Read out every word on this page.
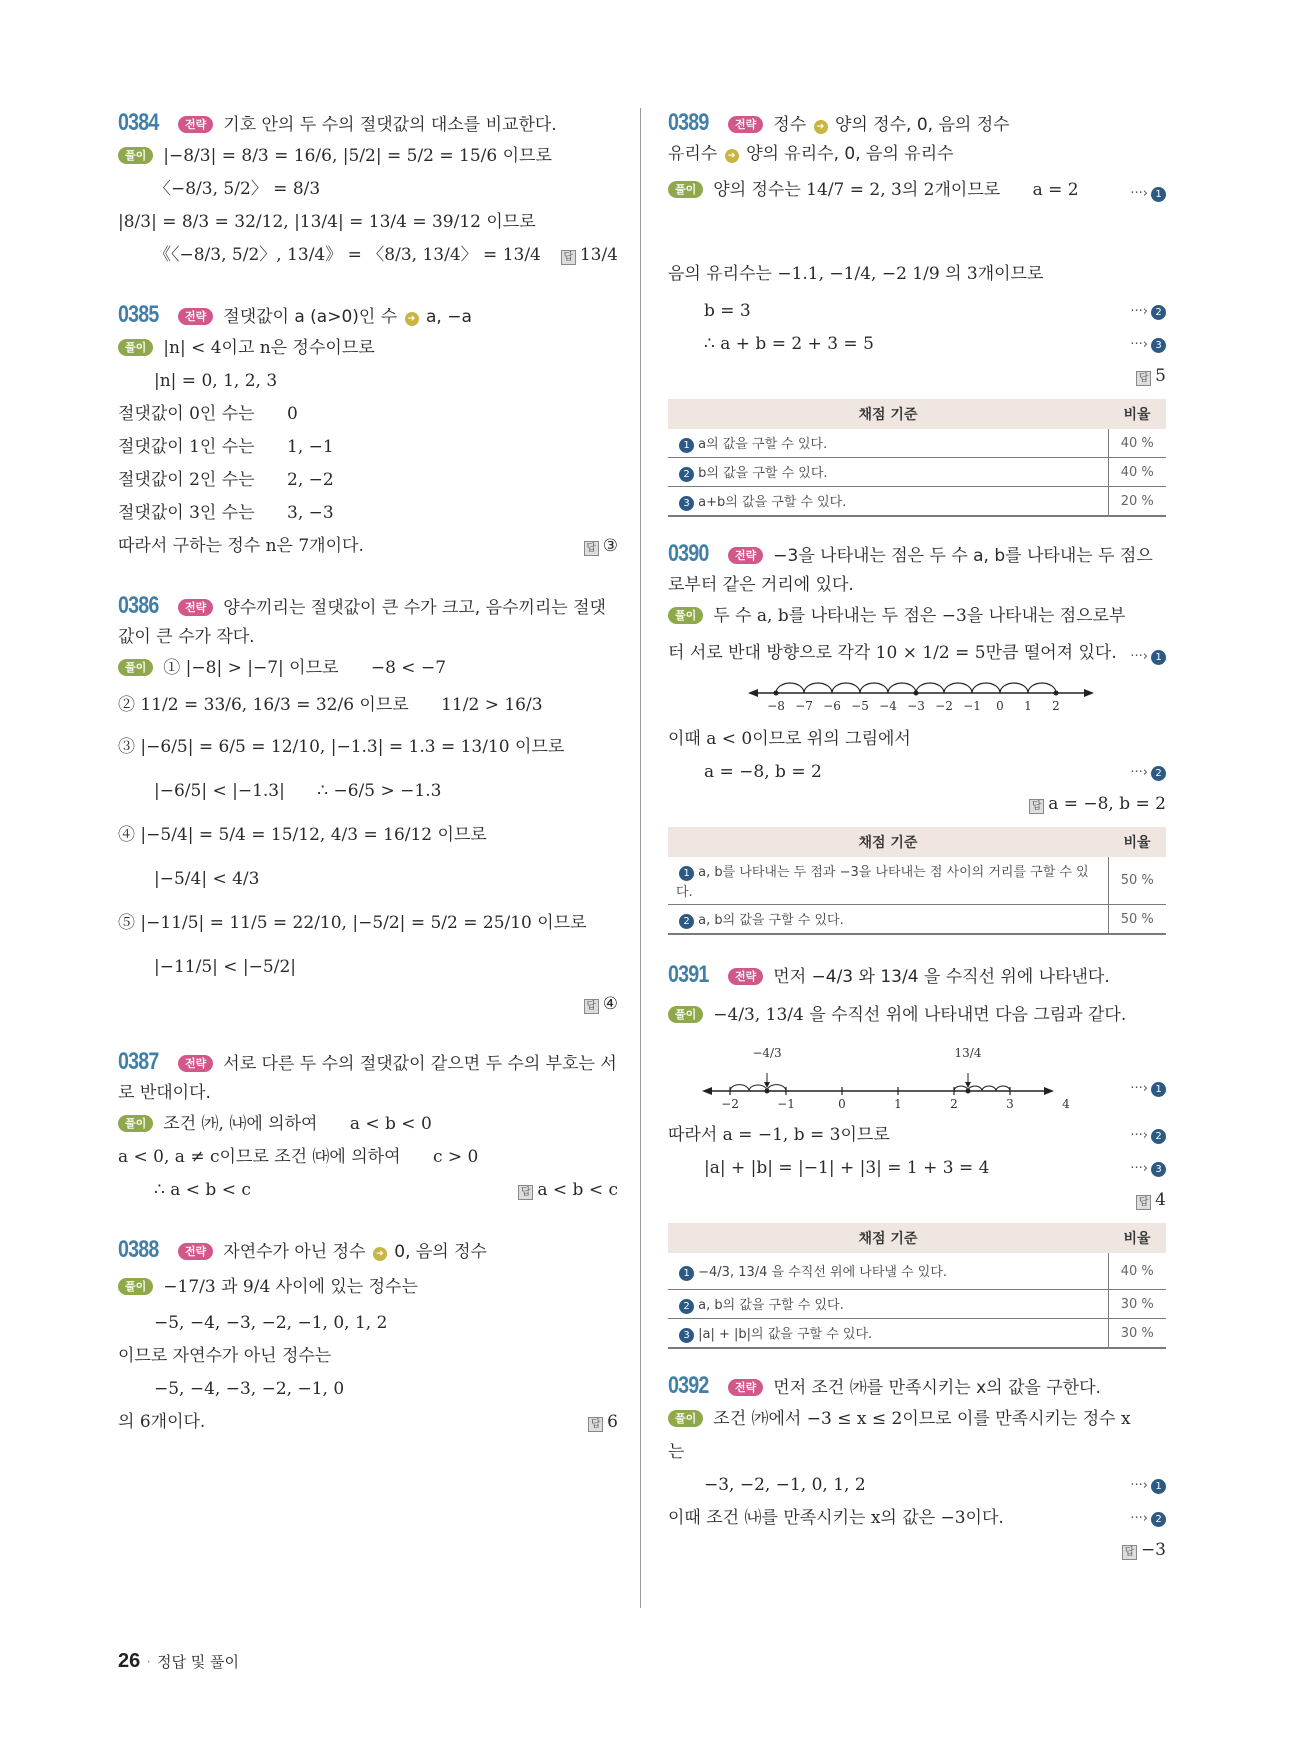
0384 전략 기호 안의 두 수의 절댓값의 대소를 비교한다.
풀이 |−8/3| = 8/3 = 16/6, |5/2| = 5/2 = 15/6 이므로
〈−8/3, 5/2〉 = 8/3
|8/3| = 8/3 = 32/12, |13/4| = 13/4 = 39/12 이므로
《〈−8/3, 5/2〉, 13/4》 = 〈8/3, 13/4〉 = 13/4 답 13/4
0385 전략 절댓값이 a (a>0)인 수 ➔ a, −a
풀이 |n| < 4이고 n은 정수이므로
|n| = 0, 1, 2, 3
절댓값이 0인 수는      0
절댓값이 1인 수는      1, −1
절댓값이 2인 수는      2, −2
절댓값이 3인 수는      3, −3
따라서 구하는 정수 n은 7개이다.	답 ③
0386 전략 양수끼리는 절댓값이 큰 수가 크고, 음수끼리는 절댓값이 큰 수가 작다.
풀이 ① |−8| > |−7| 이므로      −8 < −7
② 11/2 = 33/6, 16/3 = 32/6 이므로      11/2 > 16/3
③ |−6/5| = 6/5 = 12/10, |−1.3| = 1.3 = 13/10 이므로
|−6/5| < |−1.3|      ∴ −6/5 > −1.3
④ |−5/4| = 5/4 = 15/12, 4/3 = 16/12 이므로
|−5/4| < 4/3
⑤ |−11/5| = 11/5 = 22/10, |−5/2| = 5/2 = 25/10 이므로
|−11/5| < |−5/2|
답 ④
0387 전략 서로 다른 두 수의 절댓값이 같으면 두 수의 부호는 서로 반대이다.
풀이 조건 ㈎, ㈏에 의하여      a < b < 0
a < 0, a ≠ c이므로 조건 ㈐에 의하여      c > 0
∴ a < b < c	답 a < b < c
0388 전략 자연수가 아닌 정수 ➔ 0, 음의 정수
풀이 −17/3 과 9/4 사이에 있는 정수는
−5, −4, −3, −2, −1, 0, 1, 2
이므로 자연수가 아닌 정수는
−5, −4, −3, −2, −1, 0
의 6개이다.	답 6
0389 전략 정수 ➔ 양의 정수, 0, 음의 정수
유리수 ➔ 양의 유리수, 0, 음의 유리수
풀이 양의 정수는 14/7 = 2, 3의 2개이므로      a = 2
	···› 1
음의 유리수는 −1.1, −1/4, −2 1/9 의 3개이므로
b = 3	···› 2
∴ a + b = 2 + 3 = 5	···› 3
답 5
채점 기준	비율
1 a의 값을 구할 수 있다.	40 %
2 b의 값을 구할 수 있다.	40 %
3 a+b의 값을 구할 수 있다.	20 %
0390 전략 −3을 나타내는 점은 두 수 a, b를 나타내는 두 점으로부터 같은 거리에 있다.
풀이 두 수 a, b를 나타내는 두 점은 −3을 나타내는 점으로부
터 서로 반대 방향으로 각각 10 × 1/2 = 5만큼 떨어져 있다. ···› 1
−8 −7 −6 −5 −4 −3 −2 −1 0 1 2
이때 a < 0이므로 위의 그림에서
a = −8, b = 2	···› 2
답 a = −8, b = 2
채점 기준	비율
1 a, b를 나타내는 두 점과 −3을 나타내는 점 사이의 거리를 구할 수 있다.	50 %
2 a, b의 값을 구할 수 있다.	50 %
0391 전략 먼저 −4/3 와 13/4 을 수직선 위에 나타낸다.
풀이 −4/3, 13/4 을 수직선 위에 나타내면 다음 그림과 같다.
−4/3	13/4
−2	−1	0	1	2	3	4
···› 1
따라서 a = −1, b = 3이므로	···› 2
|a| + |b| = |−1| + |3| = 1 + 3 = 4	···› 3
답 4
채점 기준	비율
1 −4/3, 13/4 을 수직선 위에 나타낼 수 있다.	40 %
2 a, b의 값을 구할 수 있다.	30 %
3 |a| + |b|의 값을 구할 수 있다.	30 %
0392 전략 먼저 조건 ㈎를 만족시키는 x의 값을 구한다.
풀이 조건 ㈎에서 −3 ≤ x ≤ 2이므로 이를 만족시키는 정수 x
는
−3, −2, −1, 0, 1, 2	···› 1
이때 조건 ㈏를 만족시키는 x의 값은 −3이다.	···› 2
답 −3
26 · 정답 및 풀이
